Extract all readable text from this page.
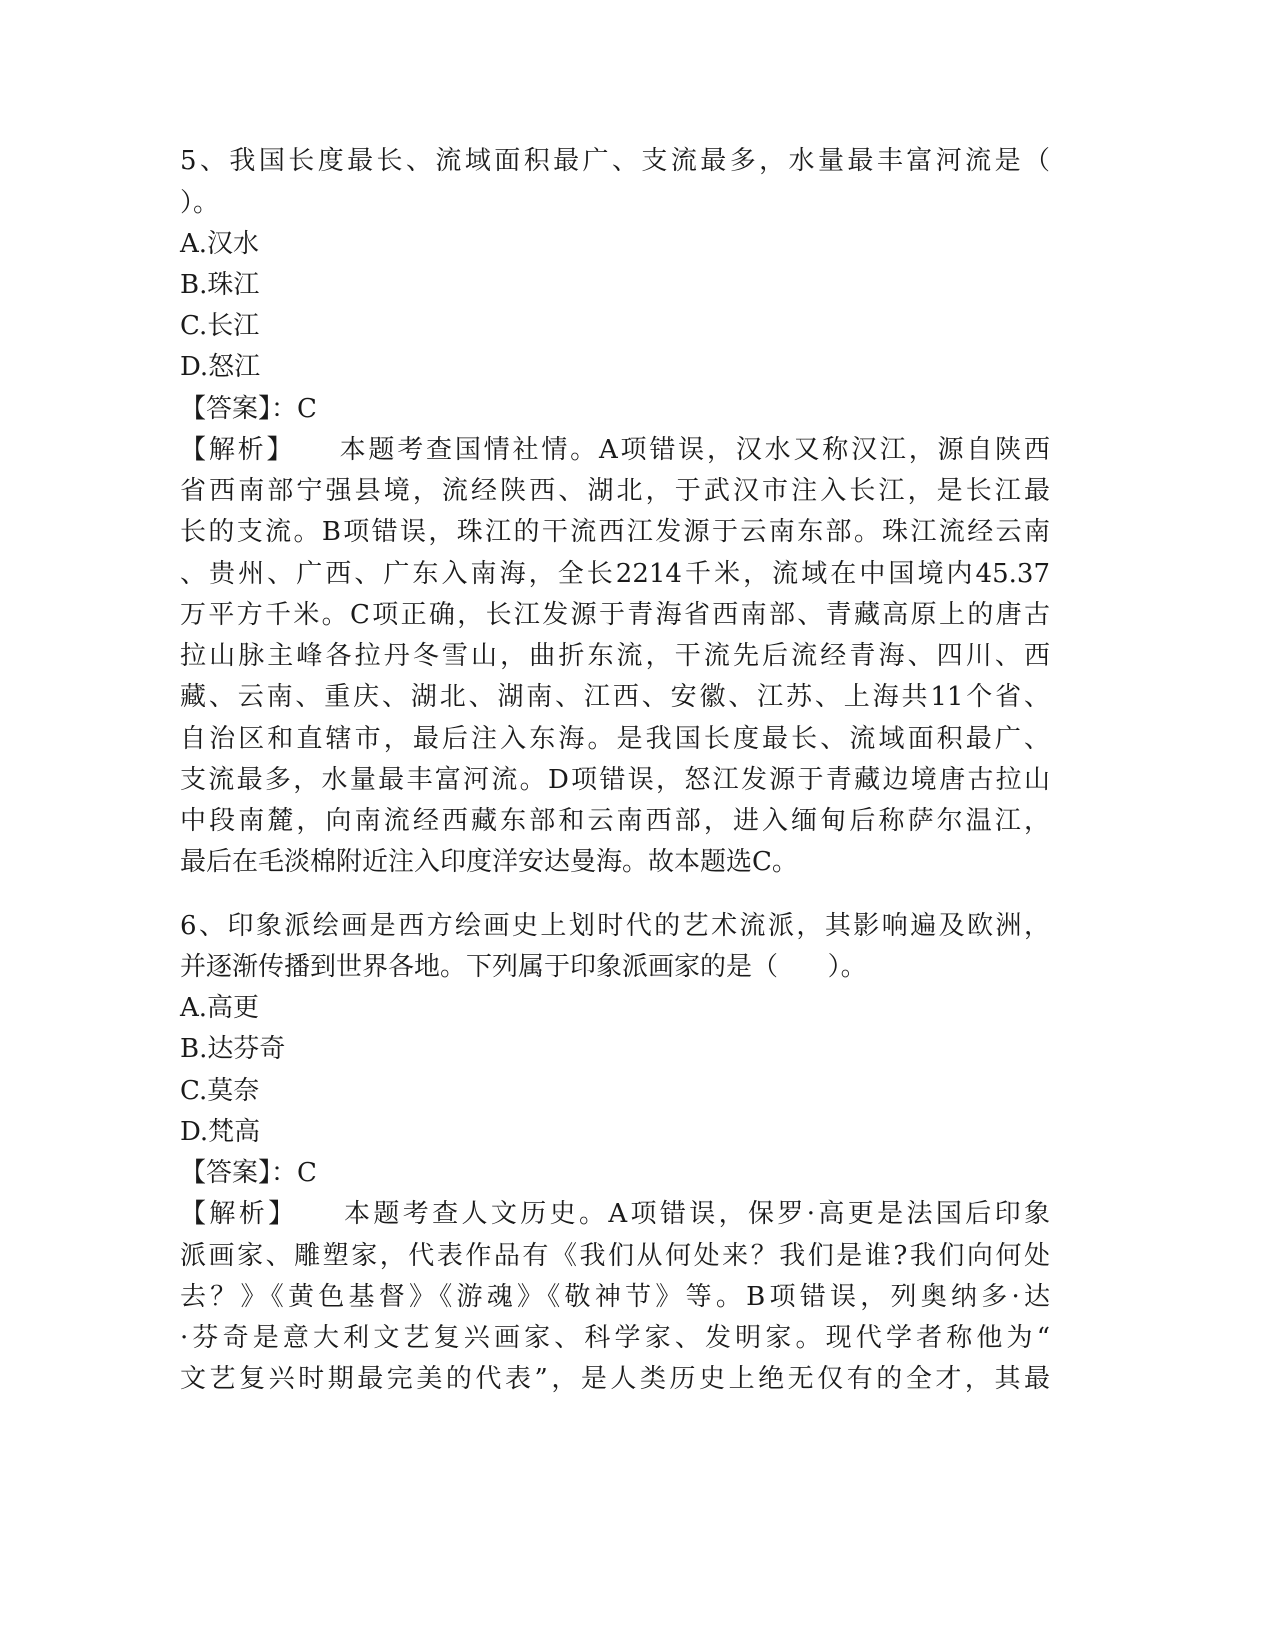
5、我国长度最长、流域面积最广、支流最多，水量最丰富河流是（
）。
A.汉水
B.珠江
C.长江
D.怒江
【答案】：C
【解析】    本题考查国情社情。A项错误，汉水又称汉江，源自陕西
省西南部宁强县境，流经陕西、湖北，于武汉市注入长江，是长江最
长的支流。B项错误，珠江的干流西江发源于云南东部。珠江流经云南
、贵州、广西、广东入南海，全长2214千米，流域在中国境内45.37
万平方千米。C项正确，长江发源于青海省西南部、青藏高原上的唐古
拉山脉主峰各拉丹冬雪山，曲折东流，干流先后流经青海、四川、西
藏、云南、重庆、湖北、湖南、江西、安徽、江苏、上海共11个省、
自治区和直辖市，最后注入东海。是我国长度最长、流域面积最广、
支流最多，水量最丰富河流。D项错误，怒江发源于青藏边境唐古拉山
中段南麓，向南流经西藏东部和云南西部，进入缅甸后称萨尔温江，
最后在毛淡棉附近注入印度洋安达曼海。故本题选C。
6、印象派绘画是西方绘画史上划时代的艺术流派，其影响遍及欧洲，
并逐渐传播到世界各地。下列属于印象派画家的是（      ）。
A.高更
B.达芬奇
C.莫奈
D.梵高
【答案】：C
【解析】    本题考查人文历史。A项错误，保罗·高更是法国后印象
派画家、雕塑家，代表作品有《我们从何处来？我们是谁?我们向何处
去？》《黄色基督》《游魂》《敬神节》等。B项错误，列奥纳多·达
·芬奇是意大利文艺复兴画家、科学家、发明家。现代学者称他为“
文艺复兴时期最完美的代表”，是人类历史上绝无仅有的全才，其最
